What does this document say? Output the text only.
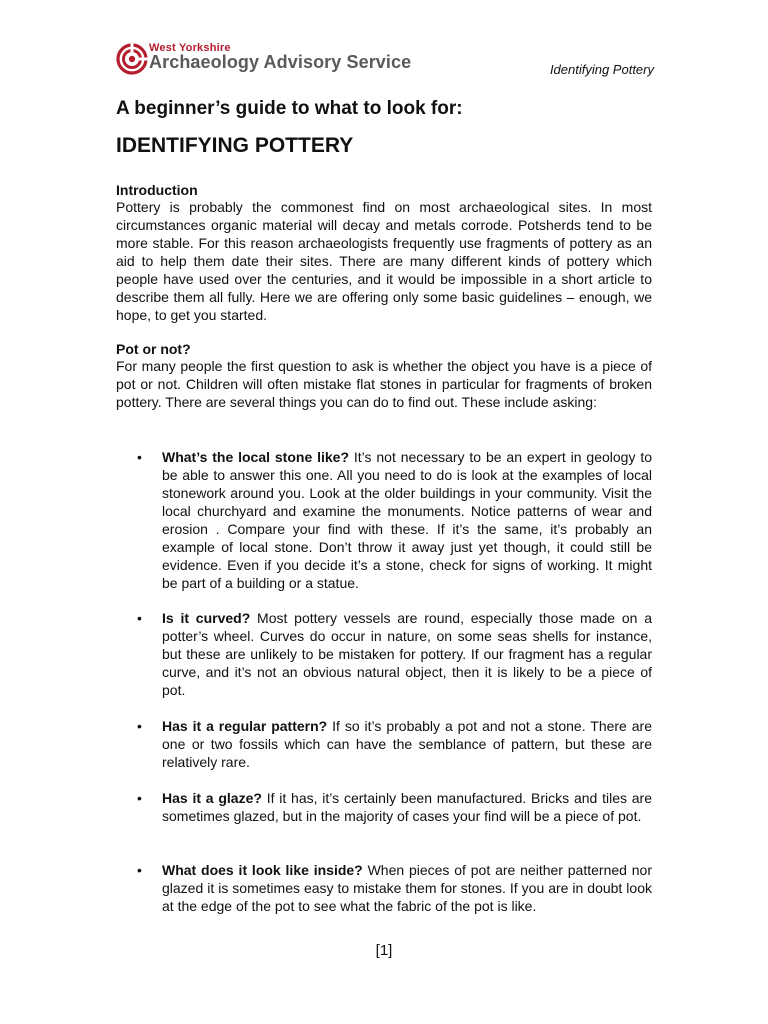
West Yorkshire
Archaeology Advisory Service	Identifying Pottery
A beginner’s guide to what to look for:
IDENTIFYING POTTERY
Introduction
Pottery is probably the commonest find on most archaeological sites. In most circumstances organic material will decay and metals corrode. Potsherds tend to be more stable. For this reason archaeologists frequently use fragments of pottery as an aid to help them date their sites. There are many different kinds of pottery which people have used over the centuries, and it would be impossible in a short article to describe them all fully. Here we are offering only some basic guidelines – enough, we hope, to get you started.
Pot or not?
For many people the first question to ask is whether the object you have is a piece of pot or not. Children will often mistake flat stones in particular for fragments of broken pottery. There are several things you can do to find out. These include asking:
• What’s the local stone like? It’s not necessary to be an expert in geology to be able to answer this one. All you need to do is look at the examples of local stonework around you. Look at the older buildings in your community. Visit the local churchyard and examine the monuments. Notice patterns of wear and erosion . Compare your find with these. If it’s the same, it’s probably an example of local stone. Don’t throw it away just yet though, it could still be evidence. Even if you decide it’s a stone, check for signs of working. It might be part of a building or a statue.
• Is it curved? Most pottery vessels are round, especially those made on a potter’s wheel. Curves do occur in nature, on some seas shells for instance, but these are unlikely to be mistaken for pottery. If our fragment has a regular curve, and it’s not an obvious natural object, then it is likely to be a piece of pot.
• Has it a regular pattern? If so it’s probably a pot and not a stone. There are one or two fossils which can have the semblance of pattern, but these are relatively rare.
• Has it a glaze? If it has, it’s certainly been manufactured. Bricks and tiles are sometimes glazed, but in the majority of cases your find will be a piece of pot.
• What does it look like inside? When pieces of pot are neither patterned nor glazed it is sometimes easy to mistake them for stones. If you are in doubt look at the edge of the pot to see what the fabric of the pot is like.
[1]
